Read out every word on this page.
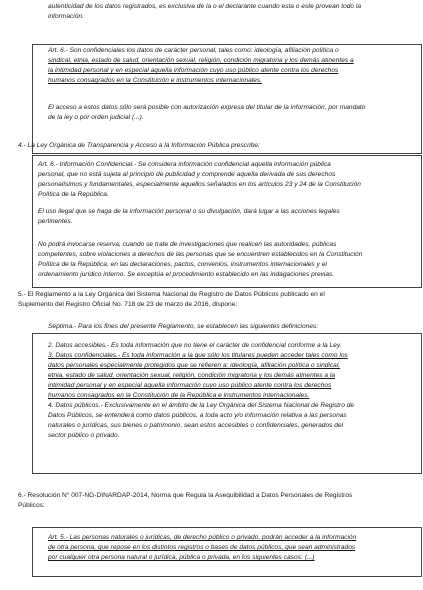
autenticidad de los datos registrados, es exclusiva de la o el declarante cuando esta o este provean todo la
información.
Art. 6.- Son confidenciales los datos de carácter personal, tales como: ideología, afiliación política o
sindical, etnia, estado de salud, orientación sexual, religión, condición migratoria y los demás atinentes a
la intimidad personal y en especial aquella información cuyo uso público atente contra los derechos
humanos consagrados en la Constitución e instrumentos internacionales.
El acceso a estos datos sólo será posible con autorización expresa del titular de la información, por mandato
de la ley o por orden judicial (...).
4.- La Ley Orgánica de Transparencia y Acceso a la Información Pública prescribe:
Art. 6.- Información Confidencial.- Se considera información confidencial aquella información pública
personal, que no está sujeta al principio de publicidad y comprende aquella derivada de sus derechos
personalísimos y fundamentales, especialmente aquellos señalados en los artículos 23 y 24 de la Constitución
Política de la República.
El uso ilegal que se haga de la información personal o su divulgación, dará lugar a las acciones legales
pertinentes.
No podrá invocarse reserva, cuando se trate de investigaciones que realicen las autoridades, públicas
competentes, sobre violaciones a derechos de las personas que se encuentren establecidos en la Constitución
Política de la República, en las declaraciones, pactos, convenios, instrumentos internacionales y el
ordenamiento jurídico interno. Se exceptúa el procedimiento establecido en las indagaciones previas.
5.- El Reglamento a la Ley Orgánica del Sistema Nacional de Registro de Datos Públicos publicado en el
Suplemento del Registro Oficial No. 718 de 23 de marzo de 2016, dispone:
Séptima.- Para los fines del presente Reglamento, se establecen las siguientes definiciones:
2. Datos accesibles.- Es toda información que no tiene el carácter de confidencial conforme a la Ley.
3. Datos confidenciales.- Es toda información a la que sólo los titulares pueden acceder tales como los
datos personales especialmente protegidos que se refieren a: ideología, afiliación política o sindical,
etnia, estado de salud, orientación sexual, religión, condición migratoria y los demás atinentes a la
intimidad personal y en especial aquella información cuyo uso público atente contra los derechos
humanos consagrados en la Constitución de la República e instrumentos internacionales.
4. Datos públicos.- Exclusivamente en el ámbito de la Ley Orgánica del Sistema Nacional de Registro de
Datos Públicos, se entenderá como datos públicos, a toda acto y/o información relativa a las personas
naturales o jurídicas, sus bienes o patrimonio, sean estos accesibles o confidenciales, generados del
sector público o privado.
6.- Resolución N° 007-NG-DINARDAP-2014, Norma que Regula la Asequibilidad a Datos Personales de Registros
Públicos:
Art. 5.- Las personas naturales o jurídicas, de derecho público o privado, podrán acceder a la información
de otra persona, que repose en los distintos registros o bases de datos públicos, que sean administrados
por cualquier otra persona natural o jurídica, pública o privada, en los siguientes casos: (...)
